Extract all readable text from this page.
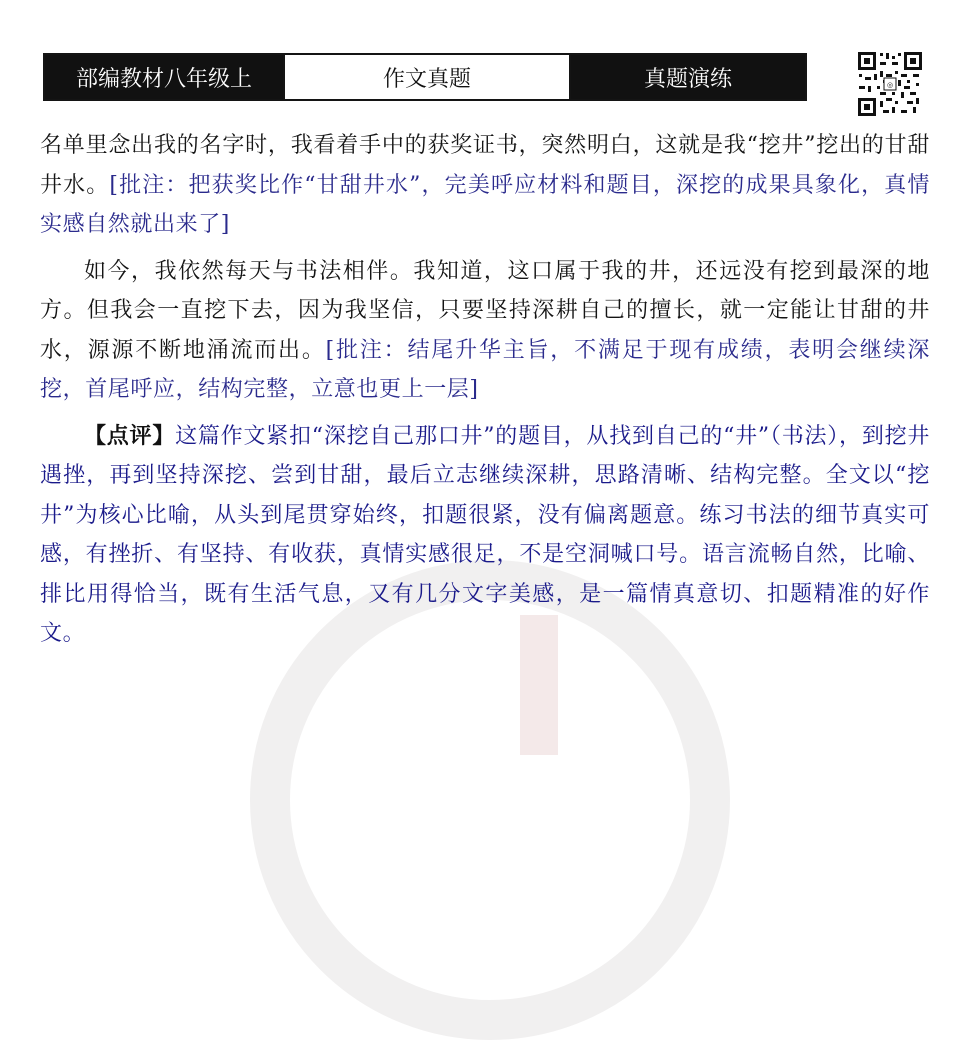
部编教材八年级上	作文真题	真题演练	◎

名单里念出我的名字时，我看着手中的获奖证书，突然明白，这就是我“挖井”挖出的甘甜井水。[批注：把获奖比作“甘甜井水”，完美呼应材料和题目，深挖的成果具象化，真情实感自然就出来了]

如今，我依然每天与书法相伴。我知道，这口属于我的井，还远没有挖到最深的地方。但我会一直挖下去，因为我坚信，只要坚持深耕自己的擅长，就一定能让甘甜的井水，源源不断地涌流而出。[批注：结尾升华主旨，不满足于现有成绩，表明会继续深挖，首尾呼应，结构完整，立意也更上一层]

【点评】这篇作文紧扣“深挖自己那口井”的题目，从找到自己的“井”（书法），到挖井遇挫，再到坚持深挖、尝到甘甜，最后立志继续深耕，思路清晰、结构完整。全文以“挖井”为核心比喻，从头到尾贯穿始终，扣题很紧，没有偏离题意。练习书法的细节真实可感，有挫折、有坚持、有收获，真情实感很足，不是空洞喊口号。语言流畅自然，比喻、排比用得恰当，既有生活气息，又有几分文字美感，是一篇情真意切、扣题精准的好作文。
